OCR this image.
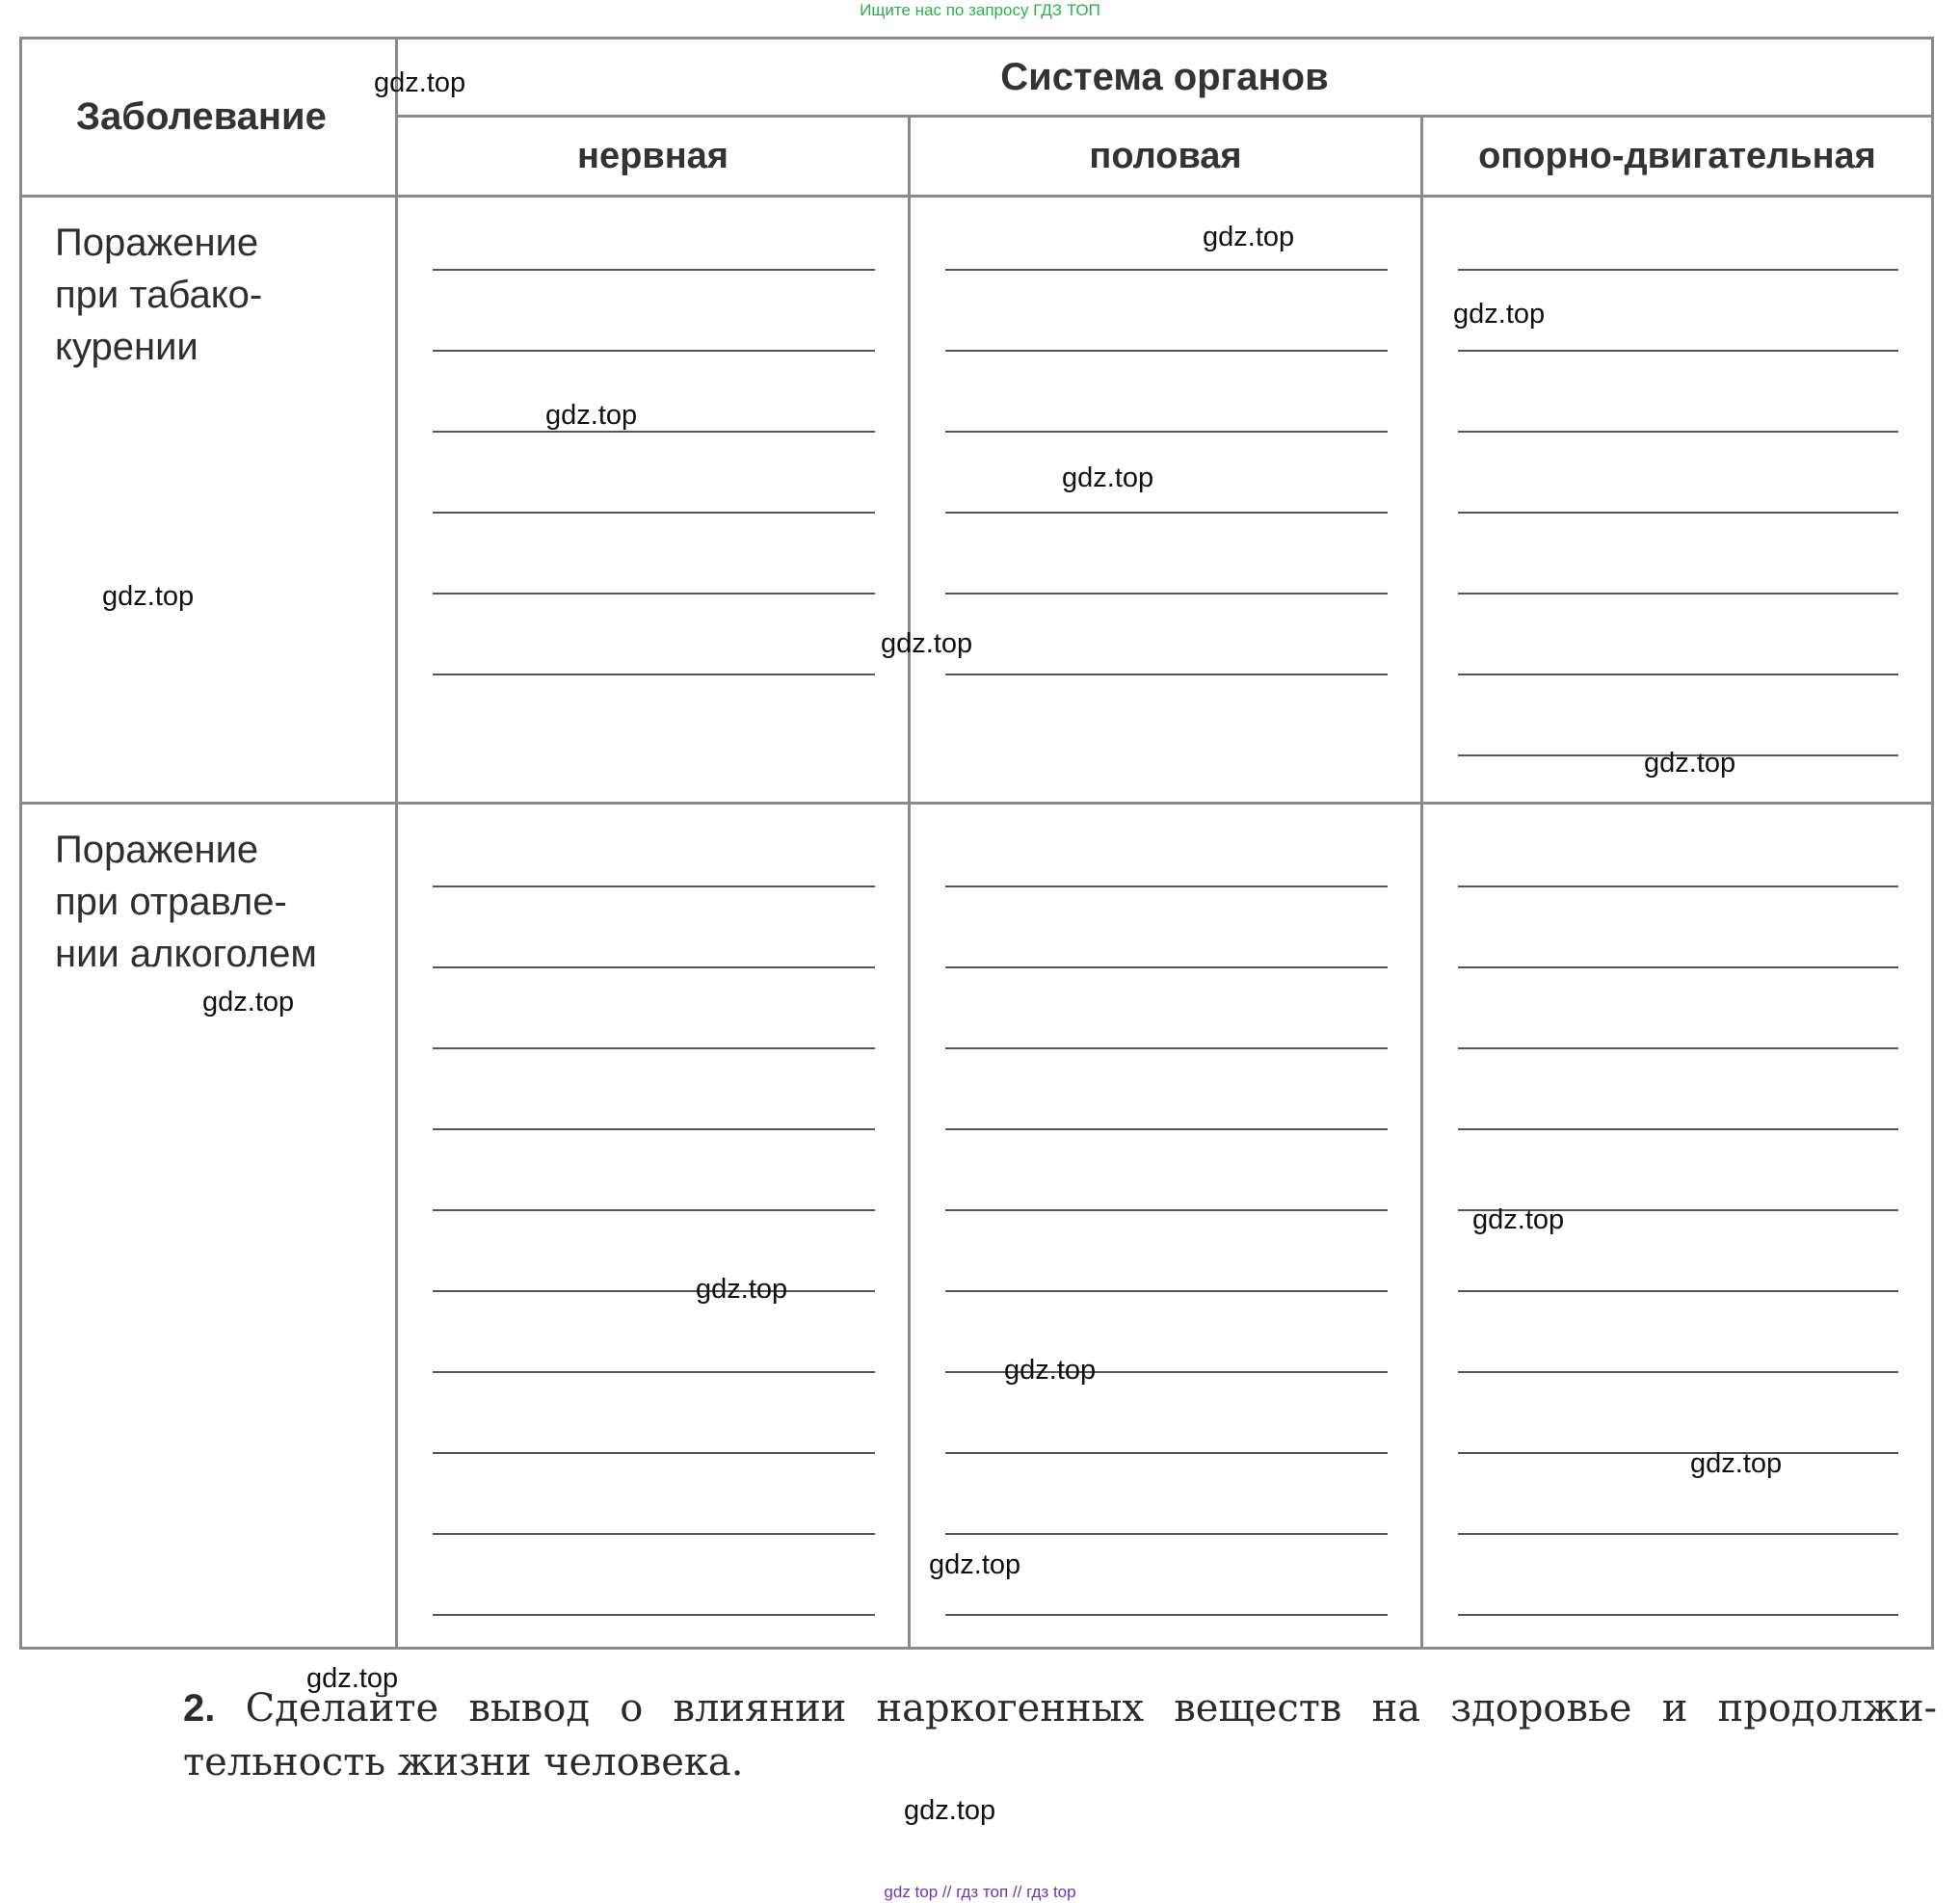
Ищите нас по запросу ГДЗ ТОП
Заболевание	Система органов		
	нервная	половая	опорно-двигательная

Поражение
при табако-
курении			

Поражение
при отравле-
нии алкоголем			

gdz.top
gdz.top
gdz.top
gdz.top
gdz.top
gdz.top
gdz.top
gdz.top
gdz.top
gdz.top
gdz.top
gdz.top
gdz.top
gdz.top
gdz.top
gdz.top
2. Сделайте вывод о влиянии наркогенных веществ на здоровье и продолжи-тельность жизни человека.
gdz top // гдз топ // гдз top
